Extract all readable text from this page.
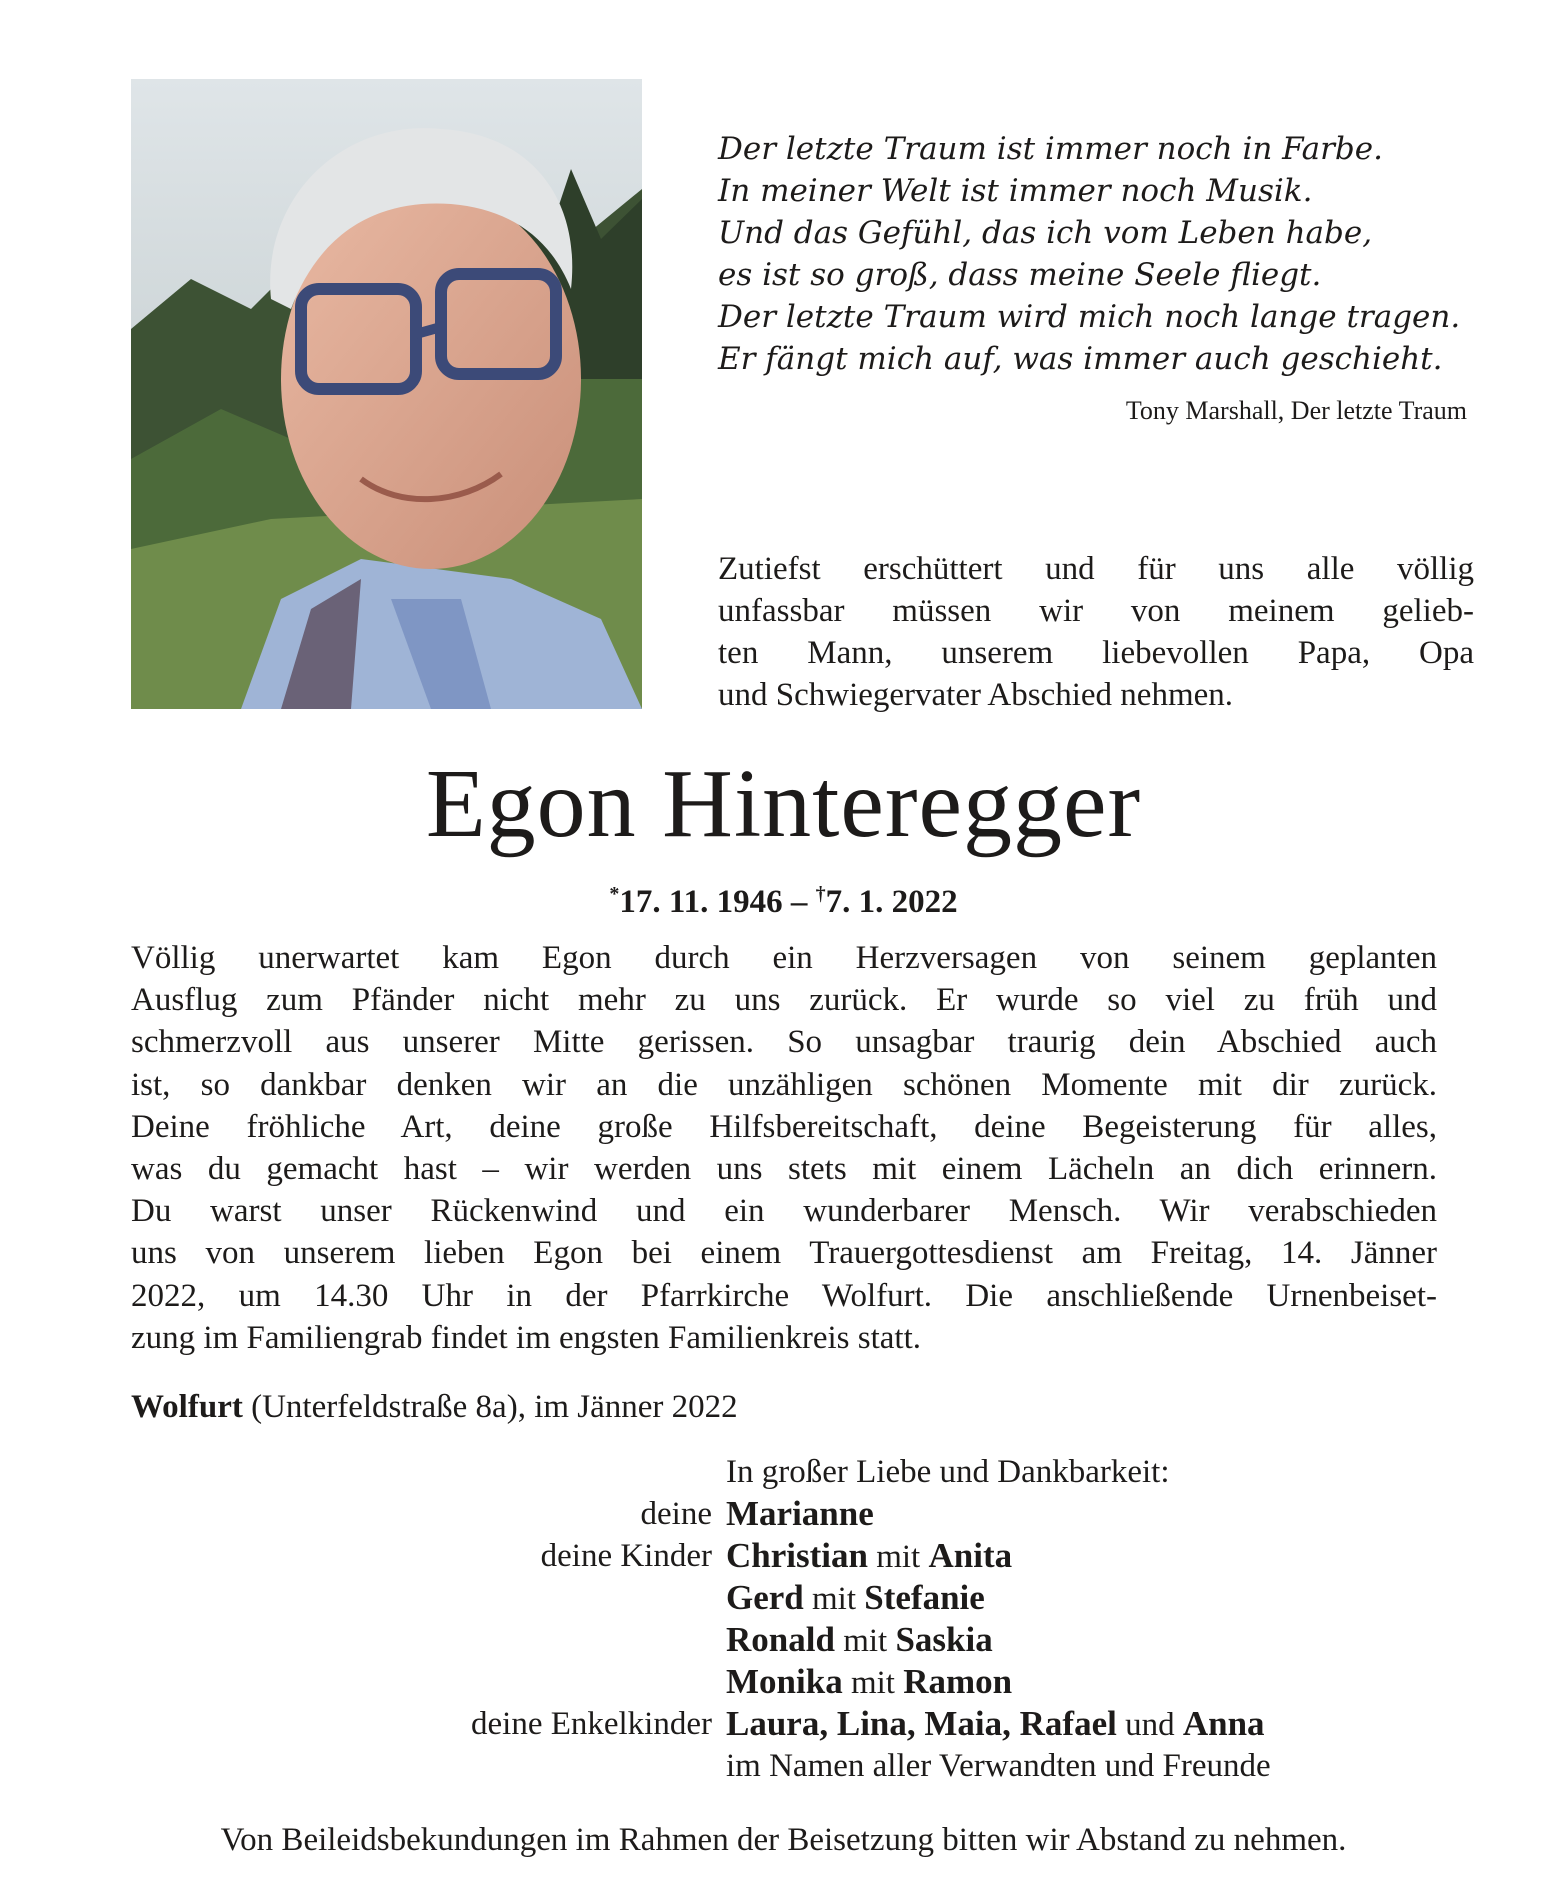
Der letzte Traum ist immer noch in Farbe.
In meiner Welt ist immer noch Musik.
Und das Gefühl, das ich vom Leben habe,
es ist so groß, dass meine Seele fliegt.
Der letzte Traum wird mich noch lange tragen.
Er fängt mich auf, was immer auch geschieht.
Tony Marshall, Der letzte Traum
Zutiefst erschüttert und für uns alle völlig
unfassbar müssen wir von meinem gelieb-
ten Mann, unserem liebevollen Papa, Opa
und Schwiegervater Abschied nehmen.
Egon Hinteregger
*17. 11. 1946 – †7. 1. 2022
Völlig unerwartet kam Egon durch ein Herzversagen von seinem geplanten
Ausflug zum Pfänder nicht mehr zu uns zurück. Er wurde so viel zu früh und
schmerzvoll aus unserer Mitte gerissen. So unsagbar traurig dein Abschied auch
ist, so dankbar denken wir an die unzähligen schönen Momente mit dir zurück.
Deine fröhliche Art, deine große Hilfsbereitschaft, deine Begeisterung für alles,
was du gemacht hast – wir werden uns stets mit einem Lächeln an dich erinnern.
Du warst unser Rückenwind und ein wunderbarer Mensch. Wir verabschieden
uns von unserem lieben Egon bei einem Trauergottesdienst am Freitag, 14. Jänner
2022, um 14.30 Uhr in der Pfarrkirche Wolfurt. Die anschließende Urnenbeiset-
zung im Familiengrab findet im engsten Familienkreis statt.
Wolfurt (Unterfeldstraße 8a), im Jänner 2022
In großer Liebe und Dankbarkeit:
deine Marianne
deine Kinder Christian mit Anita
Gerd mit Stefanie
Ronald mit Saskia
Monika mit Ramon
deine Enkelkinder Laura, Lina, Maia, Rafael und Anna
im Namen aller Verwandten und Freunde
Von Beileidsbekundungen im Rahmen der Beisetzung bitten wir Abstand zu nehmen.
